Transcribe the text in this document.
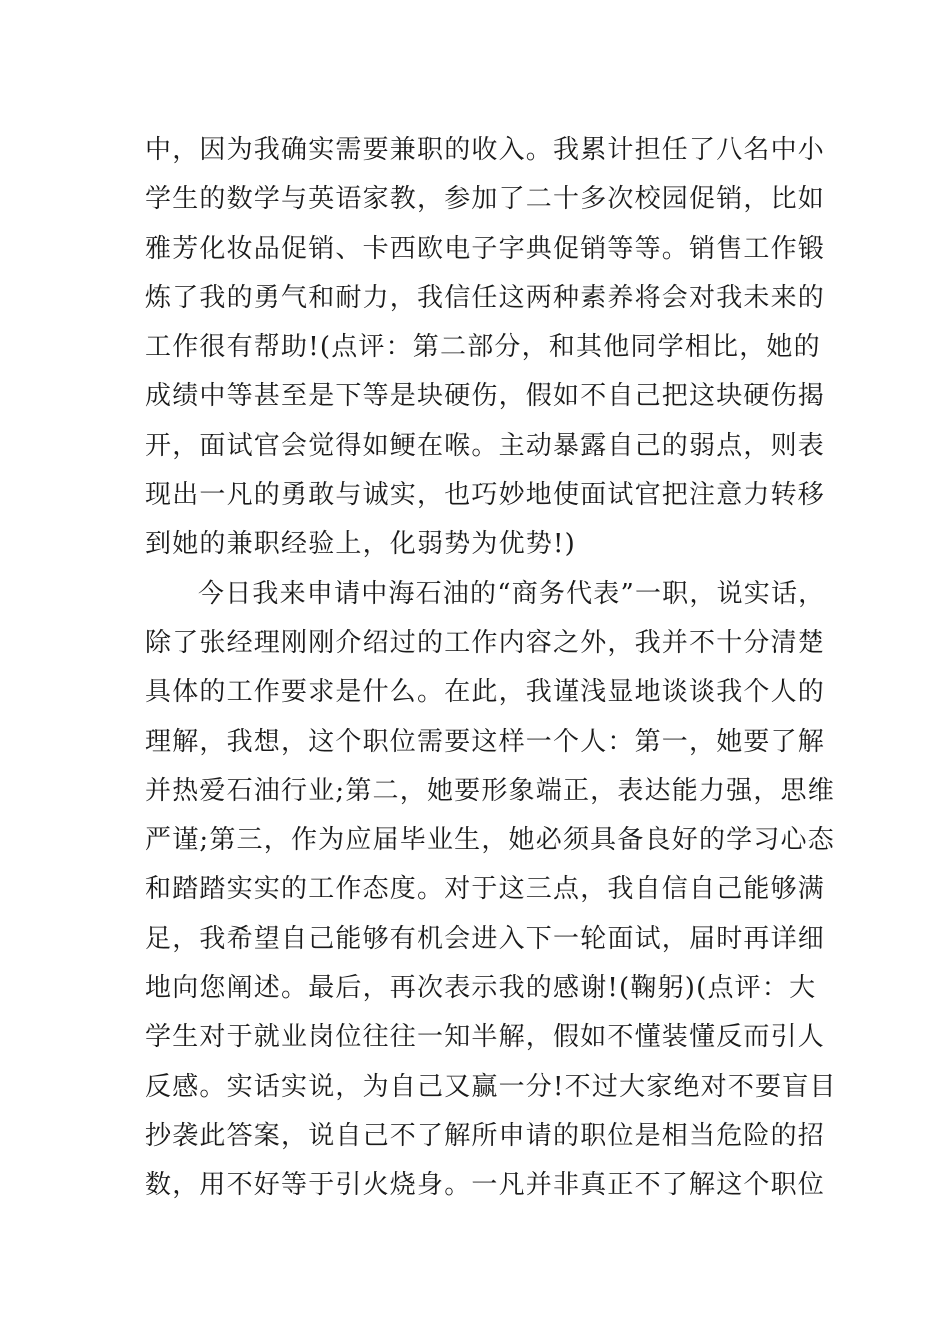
中，因为我确实需要兼职的收入。我累计担任了八名中小
学生的数学与英语家教，参加了二十多次校园促销，比如
雅芳化妆品促销、卡西欧电子字典促销等等。销售工作锻
炼了我的勇气和耐力，我信任这两种素养将会对我未来的
工作很有帮助!(点评：第二部分，和其他同学相比，她的
成绩中等甚至是下等是块硬伤，假如不自己把这块硬伤揭
开，面试官会觉得如鲠在喉。主动暴露自己的弱点，则表
现出一凡的勇敢与诚实，也巧妙地使面试官把注意力转移
到她的兼职经验上，化弱势为优势!)
今日我来申请中海石油的“商务代表”一职，说实话，
除了张经理刚刚介绍过的工作内容之外，我并不十分清楚
具体的工作要求是什么。在此，我谨浅显地谈谈我个人的
理解，我想，这个职位需要这样一个人：第一，她要了解
并热爱石油行业;第二，她要形象端正，表达能力强，思维
严谨;第三，作为应届毕业生，她必须具备良好的学习心态
和踏踏实实的工作态度。对于这三点，我自信自己能够满
足，我希望自己能够有机会进入下一轮面试，届时再详细
地向您阐述。最后，再次表示我的感谢!(鞠躬)(点评：大
学生对于就业岗位往往一知半解，假如不懂装懂反而引人
反感。实话实说，为自己又赢一分!不过大家绝对不要盲目
抄袭此答案，说自己不了解所申请的职位是相当危险的招
数，用不好等于引火烧身。一凡并非真正不了解这个职位
